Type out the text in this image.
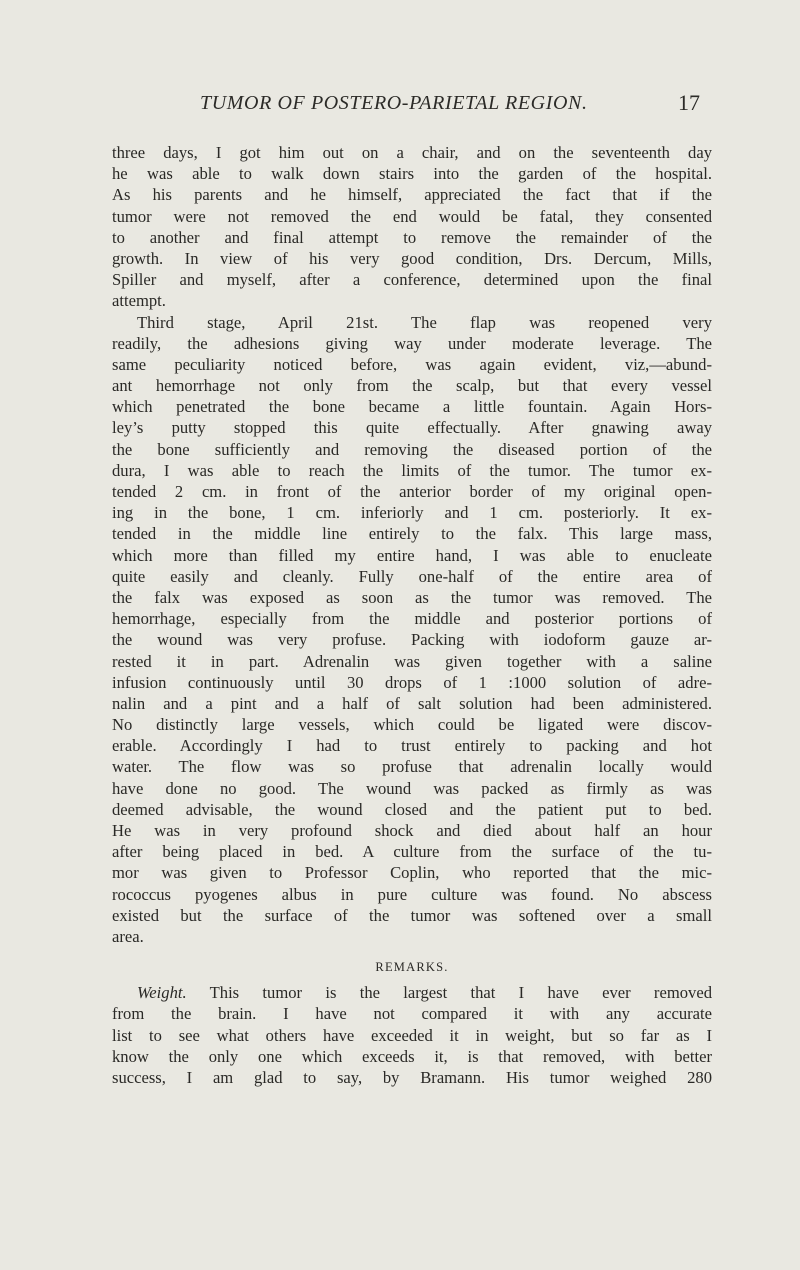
TUMOR OF POSTERO-PARIETAL REGION.	17
three days, I got him out on a chair, and on the seventeenth day
he was able to walk down stairs into the garden of the hospital.
As his parents and he himself, appreciated the fact that if the
tumor were not removed the end would be fatal, they consented
to another and final attempt to remove the remainder of the
growth. In view of his very good condition, Drs. Dercum, Mills,
Spiller and myself, after a conference, determined upon the final
attempt.
Third stage, April 21st. The flap was reopened very
readily, the adhesions giving way under moderate leverage. The
same peculiarity noticed before, was again evident, viz,—abund-
ant hemorrhage not only from the scalp, but that every vessel
which penetrated the bone became a little fountain. Again Hors-
ley’s putty stopped this quite effectually. After gnawing away
the bone sufficiently and removing the diseased portion of the
dura, I was able to reach the limits of the tumor. The tumor ex-
tended 2 cm. in front of the anterior border of my original open-
ing in the bone, 1 cm. inferiorly and 1 cm. posteriorly. It ex-
tended in the middle line entirely to the falx. This large mass,
which more than filled my entire hand, I was able to enucleate
quite easily and cleanly. Fully one-half of the entire area of
the falx was exposed as soon as the tumor was removed. The
hemorrhage, especially from the middle and posterior portions of
the wound was very profuse. Packing with iodoform gauze ar-
rested it in part. Adrenalin was given together with a saline
infusion continuously until 30 drops of 1 :1000 solution of adre-
nalin and a pint and a half of salt solution had been administered.
No distinctly large vessels, which could be ligated were discov-
erable. Accordingly I had to trust entirely to packing and hot
water. The flow was so profuse that adrenalin locally would
have done no good. The wound was packed as firmly as was
deemed advisable, the wound closed and the patient put to bed.
He was in very profound shock and died about half an hour
after being placed in bed. A culture from the surface of the tu-
mor was given to Professor Coplin, who reported that the mic-
rococcus pyogenes albus in pure culture was found. No abscess
existed but the surface of the tumor was softened over a small
area.
REMARKS.
Weight. This tumor is the largest that I have ever removed
from the brain. I have not compared it with any accurate
list to see what others have exceeded it in weight, but so far as I
know the only one which exceeds it, is that removed, with better
success, I am glad to say, by Bramann. His tumor weighed 280
